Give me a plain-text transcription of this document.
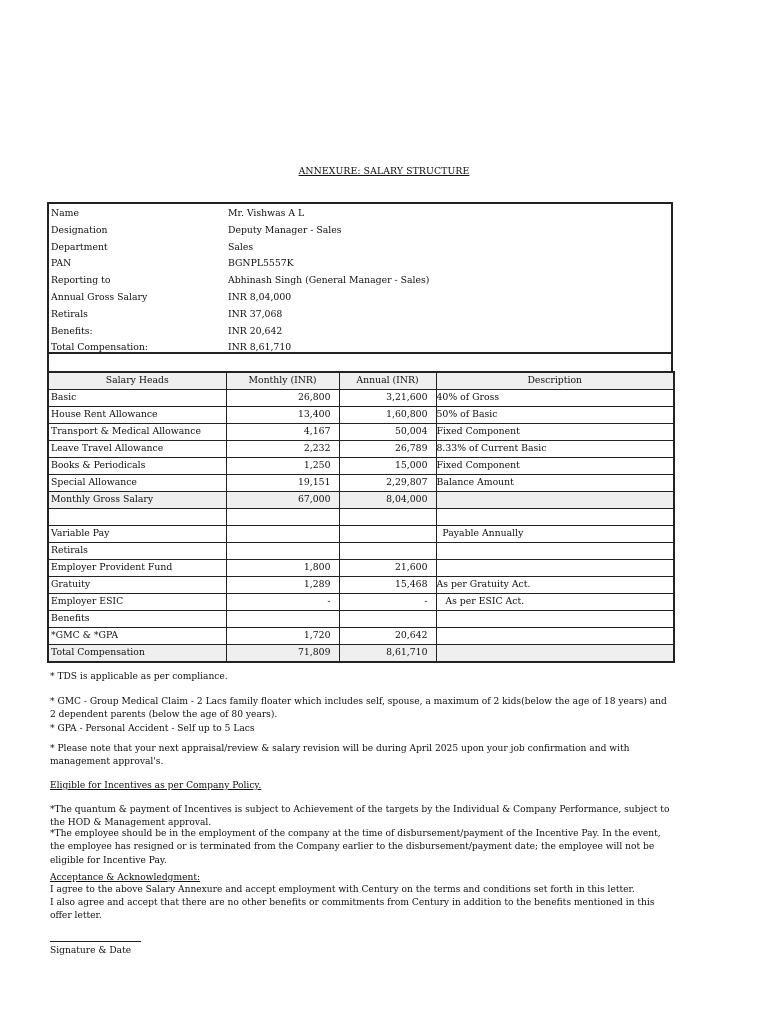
ANNEXURE: SALARY STRUCTURE
Name	Mr. Vishwas A L
Designation	Deputy Manager - Sales
Department	Sales
PAN	BGNPL5557K
Reporting to	Abhinash Singh (General Manager - Sales)
Annual Gross Salary	INR 8,04,000
Retirals	INR 37,068
Benefits:	INR 20,642
Total Compensation:	INR 8,61,710
Salary Heads	Monthly (INR)	Annual (INR)	Description
Basic	26,800	3,21,600	40% of Gross
House Rent Allowance	13,400	1,60,800	50% of Basic
Transport & Medical Allowance	4,167	50,004	Fixed Component
Leave Travel Allowance	2,232	26,789	8.33% of Current Basic
Books & Periodicals	1,250	15,000	Fixed Component
Special Allowance	19,151	2,29,807	Balance Amount
Monthly Gross Salary	67,000	8,04,000	

Variable Pay			Payable Annually
Retirals			
Employer Provident Fund	1,800	21,600	
Gratuity	1,289	15,468	As per Gratuity Act.
Employer ESIC	-	-	As per ESIC Act.
Benefits			
*GMC & *GPA	1,720	20,642	
Total Compensation	71,809	8,61,710	
* TDS is applicable as per compliance.
* GMC - Group Medical Claim - 2 Lacs family floater which includes self, spouse, a maximum of 2 kids(below the age of 18 years) and 2 dependent parents (below the age of 80 years).
* GPA - Personal Accident - Self up to 5 Lacs
* Please note that your next appraisal/review & salary revision will be during April 2025 upon your job confirmation and with management approval's.
Eligible for Incentives as per Company Policy.
*The quantum & payment of Incentives is subject to Achievement of the targets by the Individual & Company Performance, subject to the HOD & Management approval.
*The employee should be in the employment of the company at the time of disbursement/payment of the Incentive Pay. In the event, the employee has resigned or is terminated from the Company earlier to the disbursement/payment date; the employee will not be eligible for Incentive Pay.
Acceptance & Acknowledgment:
I agree to the above Salary Annexure and accept employment with Century on the terms and conditions set forth in this letter.
I also agree and accept that there are no other benefits or commitments from Century in addition to the benefits mentioned in this offer letter.
Signature & Date
